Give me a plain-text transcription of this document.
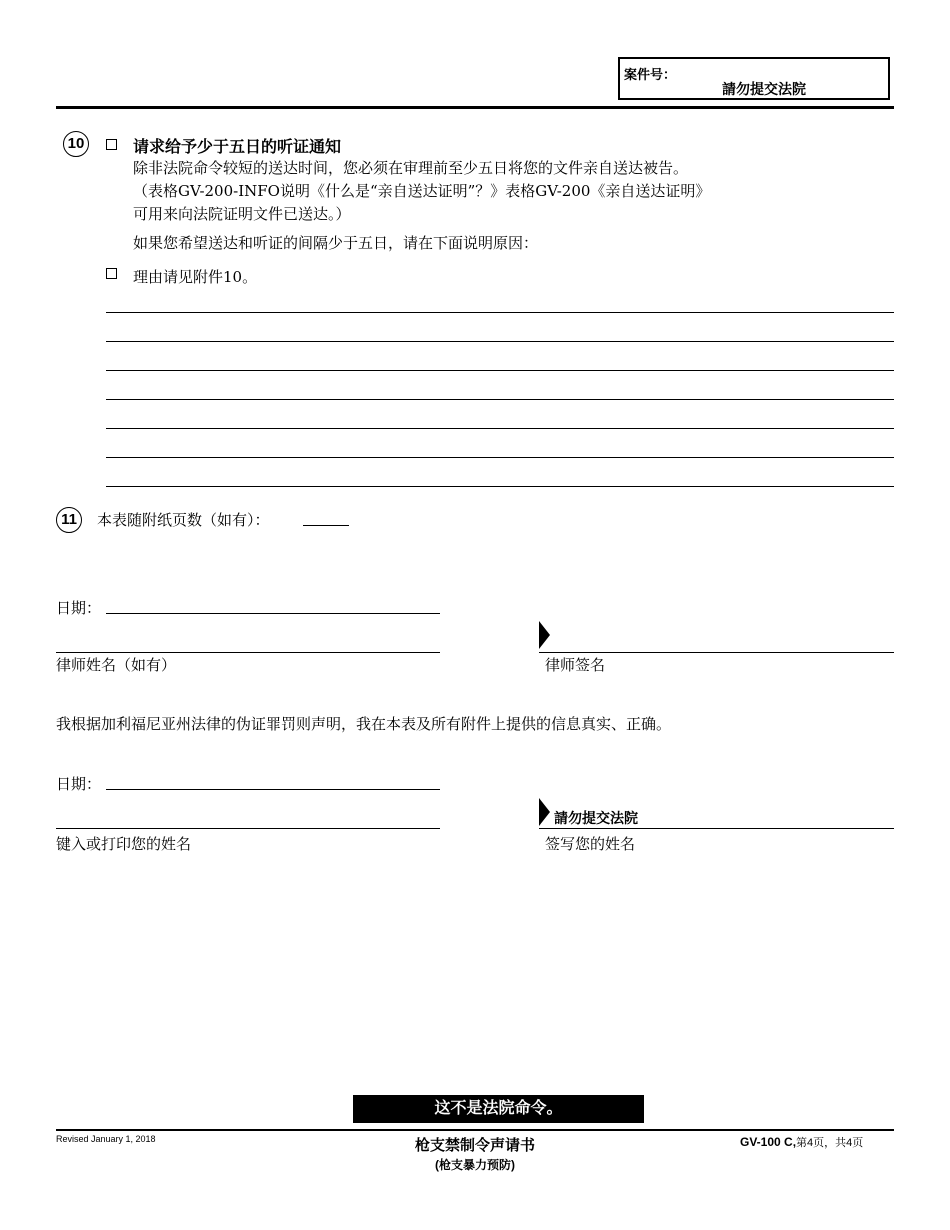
案件号：
請勿提交法院
10	请求给予少于五日的听证通知
除非法院命令较短的送达时间，您必须在审理前至少五日将您的文件亲自送达被告。
（表格GV-200-INFO说明《什么是“亲自送达证明”？》表格GV-200《亲自送达证明》
可用来向法院证明文件已送达。）
如果您希望送达和听证的间隔少于五日，请在下面说明原因：
理由请见附件10。
11	本表随附纸页数（如有）：
日期：
律师姓名（如有）	律师签名
我根据加利福尼亚州法律的伪证罪罚则声明，我在本表及所有附件上提供的信息真实、正确。
日期：
键入或打印您的姓名
請勿提交法院
签写您的姓名
这不是法院命令。
Revised January 1, 2018	枪支禁制令声请书
(枪支暴力预防)
GV-100 C,第4页，共4页
